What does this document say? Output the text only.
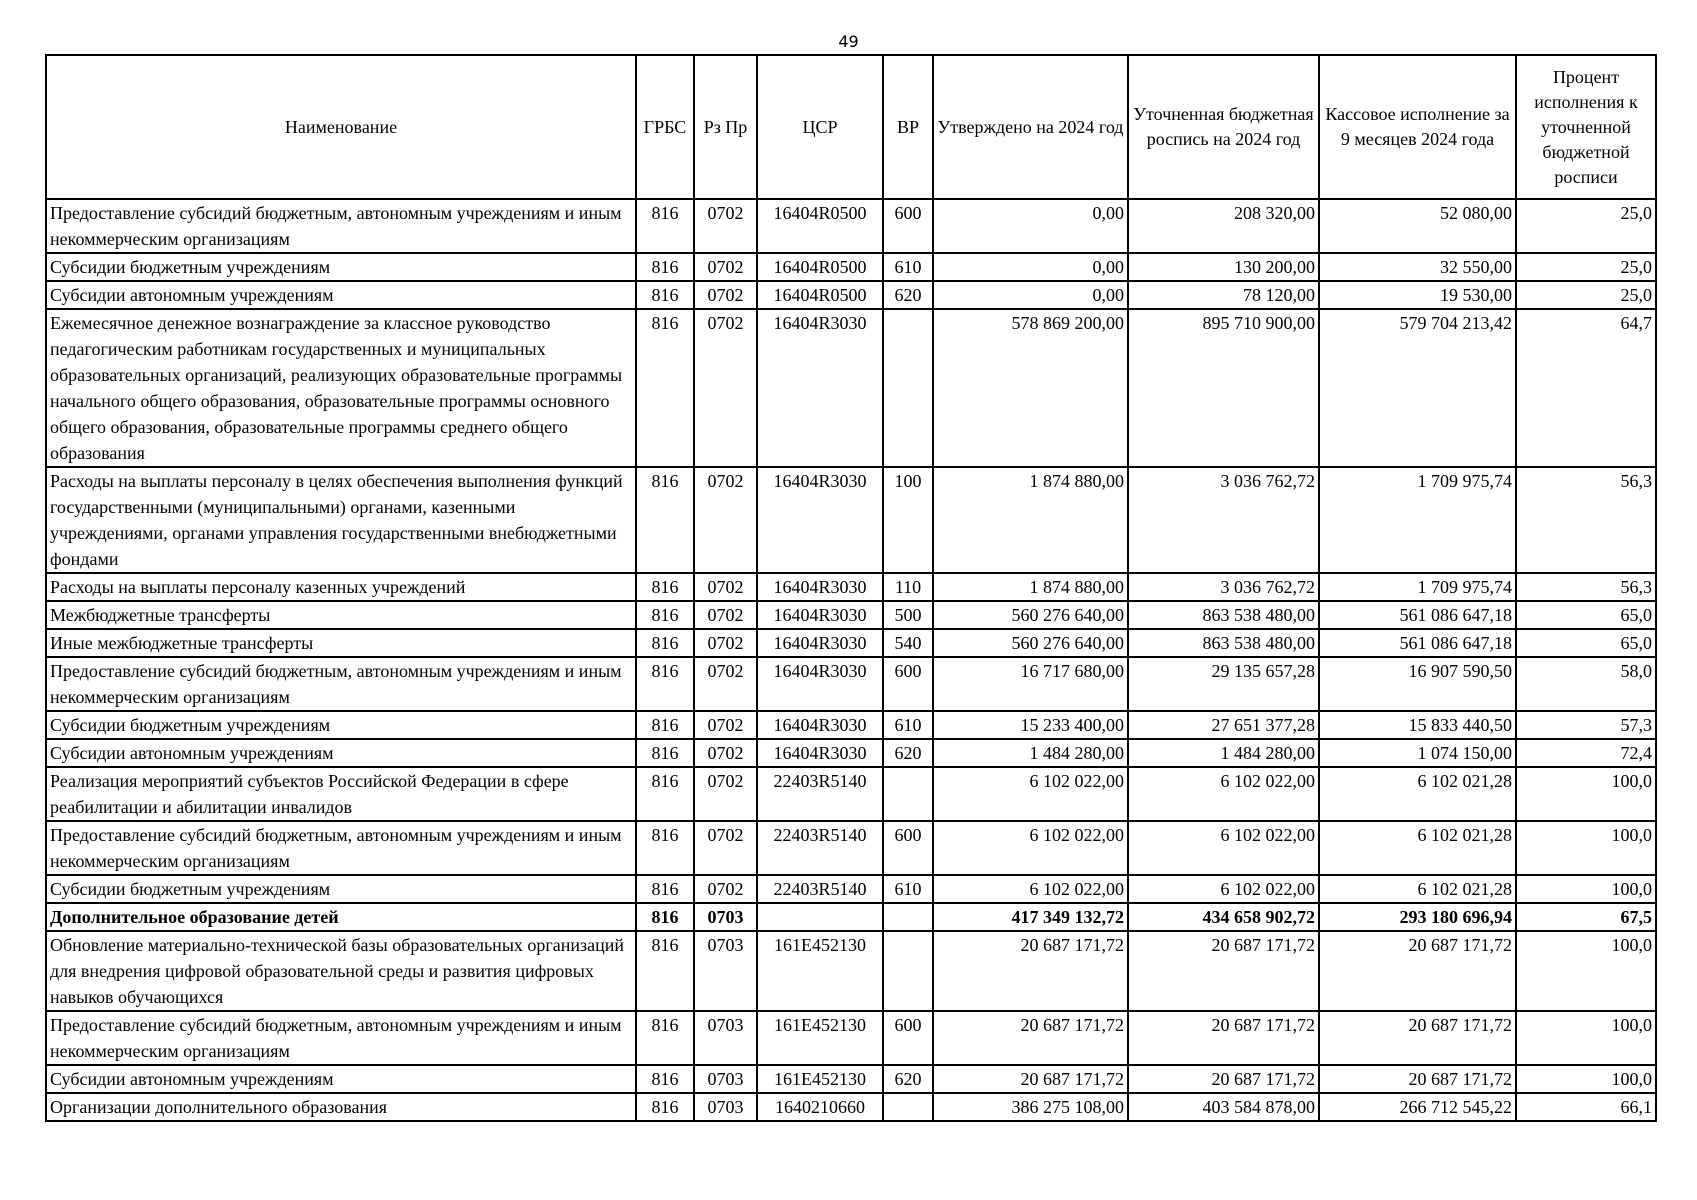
49
Наименование	ГРБС	Рз Пр	ЦСР	ВР	Утверждено на 2024 год	Уточненная бюджетная роспись на 2024 год	Кассовое исполнение за 9 месяцев 2024 года	Процент исполнения к уточненной бюджетной росписи
Предоставление субсидий бюджетным, автономным учреждениям и иным некоммерческим организациям	816	0702	16404R0500	600	0,00	208 320,00	52 080,00	25,0
Субсидии бюджетным учреждениям	816	0702	16404R0500	610	0,00	130 200,00	32 550,00	25,0
Субсидии автономным учреждениям	816	0702	16404R0500	620	0,00	78 120,00	19 530,00	25,0
Ежемесячное денежное вознаграждение за классное руководство педагогическим работникам государственных и муниципальных образовательных организаций, реализующих образовательные программы начального общего образования, образовательные программы основного общего образования, образовательные программы среднего общего образования	816	0702	16404R3030		578 869 200,00	895 710 900,00	579 704 213,42	64,7
Расходы на выплаты персоналу в целях обеспечения выполнения функций государственными (муниципальными) органами, казенными учреждениями, органами управления государственными внебюджетными фондами	816	0702	16404R3030	100	1 874 880,00	3 036 762,72	1 709 975,74	56,3
Расходы на выплаты персоналу казенных учреждений	816	0702	16404R3030	110	1 874 880,00	3 036 762,72	1 709 975,74	56,3
Межбюджетные трансферты	816	0702	16404R3030	500	560 276 640,00	863 538 480,00	561 086 647,18	65,0
Иные межбюджетные трансферты	816	0702	16404R3030	540	560 276 640,00	863 538 480,00	561 086 647,18	65,0
Предоставление субсидий бюджетным, автономным учреждениям и иным некоммерческим организациям	816	0702	16404R3030	600	16 717 680,00	29 135 657,28	16 907 590,50	58,0
Субсидии бюджетным учреждениям	816	0702	16404R3030	610	15 233 400,00	27 651 377,28	15 833 440,50	57,3
Субсидии автономным учреждениям	816	0702	16404R3030	620	1 484 280,00	1 484 280,00	1 074 150,00	72,4
Реализация мероприятий субъектов Российской Федерации в сфере реабилитации и абилитации инвалидов	816	0702	22403R5140		6 102 022,00	6 102 022,00	6 102 021,28	100,0
Предоставление субсидий бюджетным, автономным учреждениям и иным некоммерческим организациям	816	0702	22403R5140	600	6 102 022,00	6 102 022,00	6 102 021,28	100,0
Субсидии бюджетным учреждениям	816	0702	22403R5140	610	6 102 022,00	6 102 022,00	6 102 021,28	100,0
Дополнительное образование детей	816	0703			417 349 132,72	434 658 902,72	293 180 696,94	67,5
Обновление материально-технической базы образовательных организаций для внедрения цифровой образовательной среды и развития цифровых навыков обучающихся	816	0703	161E452130		20 687 171,72	20 687 171,72	20 687 171,72	100,0
Предоставление субсидий бюджетным, автономным учреждениям и иным некоммерческим организациям	816	0703	161E452130	600	20 687 171,72	20 687 171,72	20 687 171,72	100,0
Субсидии автономным учреждениям	816	0703	161E452130	620	20 687 171,72	20 687 171,72	20 687 171,72	100,0
Организации дополнительного образования	816	0703	1640210660		386 275 108,00	403 584 878,00	266 712 545,22	66,1
